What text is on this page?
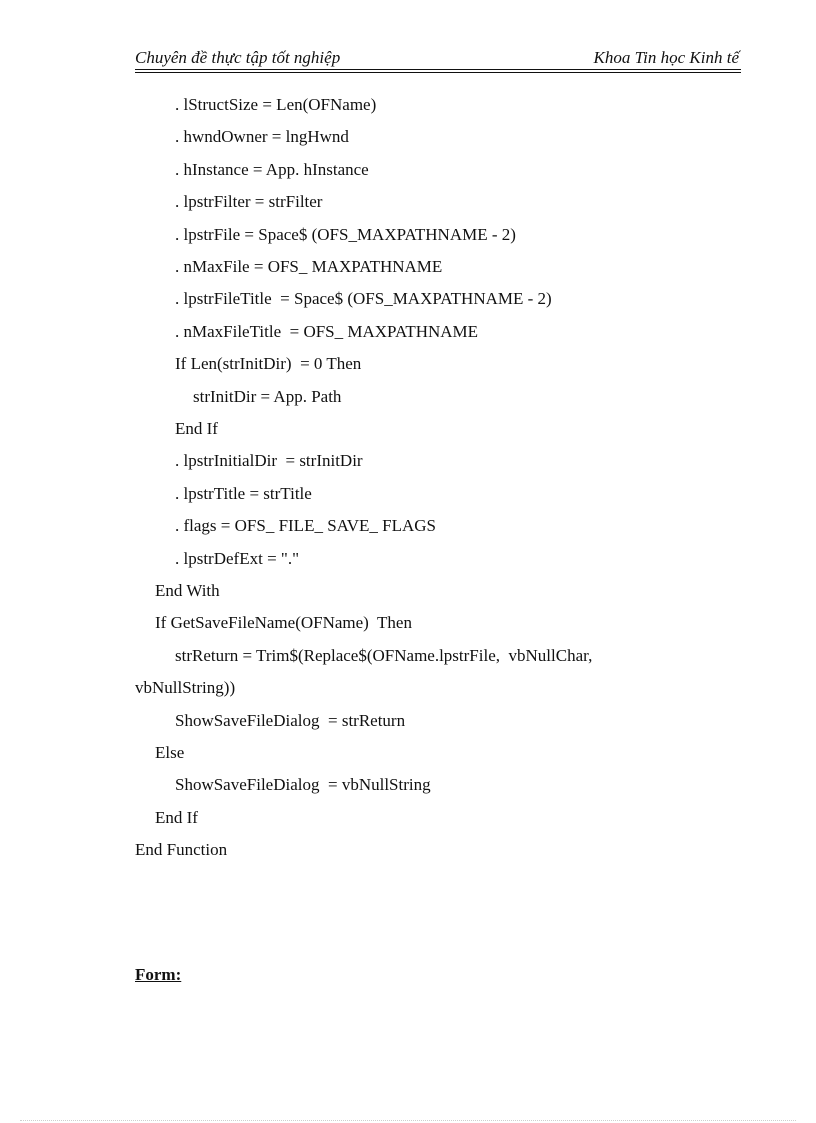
Chuyên đề thực tập tốt nghiệp	Khoa Tin học Kinh tế
. lStructSize = Len(OFName)
. hwndOwner = lngHwnd
. hInstance = App. hInstance
. lpstrFilter = strFilter
. lpstrFile = Space$ (OFS_MAXPATHNAME - 2)
. nMaxFile = OFS_ MAXPATHNAME
. lpstrFileTitle  = Space$ (OFS_MAXPATHNAME - 2)
. nMaxFileTitle  = OFS_ MAXPATHNAME
If Len(strInitDir)  = 0 Then
strInitDir = App. Path
End If
. lpstrInitialDir  = strInitDir
. lpstrTitle = strTitle
. flags = OFS_ FILE_ SAVE_ FLAGS
. lpstrDefExt = "."
End With
If GetSaveFileName(OFName)  Then
strReturn = Trim$(Replace$(OFName.lpstrFile,  vbNullChar,
vbNullString))
ShowSaveFileDialog  = strReturn
Else
ShowSaveFileDialog  = vbNullString
End If
End Function
Form:
